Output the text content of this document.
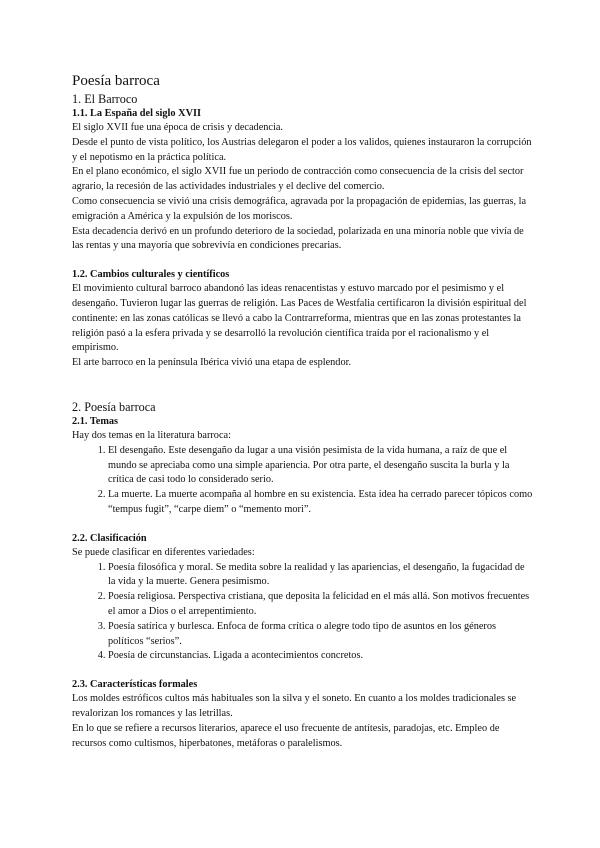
Poesía barroca
1. El Barroco
1.1. La España del siglo XVII

El siglo XVII fue una época de crisis y decadencia.

Desde el punto de vista político, los Austrias delegaron el poder a los validos, quienes instauraron la corrupción y el nepotismo en la práctica política.

En el plano económico, el siglo XVII fue un periodo de contracción como consecuencia de la crisis del sector agrario, la recesión de las actividades industriales y el declive del comercio.

Como consecuencia se vivió una crisis demográfica, agravada por la propagación de epidemias, las guerras, la emigración a América y la expulsión de los moriscos.

Esta decadencia derivó en un profundo deterioro de la sociedad, polarizada en una minoría noble que vivía de las rentas y una mayoría que sobrevivía en condiciones precarias.

1.2. Cambios culturales y científicos

El movimiento cultural barroco abandonó las ideas renacentistas y estuvo marcado por el pesimismo y el desengaño. Tuvieron lugar las guerras de religión. Las Paces de Westfalia certificaron la división espiritual del continente: en las zonas católicas se llevó a cabo la Contrarreforma, mientras que en las zonas protestantes la religión pasó a la esfera privada y se desarrolló la revolución científica traída por el racionalismo y el empirismo.

El arte barroco en la península Ibérica vivió una etapa de esplendor.

2. Poesía barroca
2.1. Temas

Hay dos temas en la literatura barroca:

1. El desengaño. Este desengaño da lugar a una visión pesimista de la vida humana, a raíz de que el mundo se apreciaba como una simple apariencia. Por otra parte, el desengaño suscita la burla y la crítica de casi todo lo considerado serio.
2. La muerte. La muerte acompaña al hombre en su existencia. Esta idea ha cerrado parecer tópicos como “tempus fugit”, “carpe diem” o “memento mori”.
2.2. Clasificación

Se puede clasificar en diferentes variedades:

1. Poesía filosófica y moral. Se medita sobre la realidad y las apariencias, el desengaño, la fugacidad de la vida y la muerte. Genera pesimismo.
2. Poesía religiosa. Perspectiva cristiana, que deposita la felicidad en el más allá. Son motivos frecuentes el amor a Dios o el arrepentimiento.
3. Poesía satírica y burlesca. Enfoca de forma crítica o alegre todo tipo de asuntos en los géneros políticos “serios”.
4. Poesía de circunstancias. Ligada a acontecimientos concretos.
2.3. Características formales

Los moldes estróficos cultos más habituales son la silva y el soneto. En cuanto a los moldes tradicionales se revalorizan los romances y las letrillas.

En lo que se refiere a recursos literarios, aparece el uso frecuente de antítesis, paradojas, etc. Empleo de recursos como cultismos, hiperbatones, metáforas o paralelismos.
